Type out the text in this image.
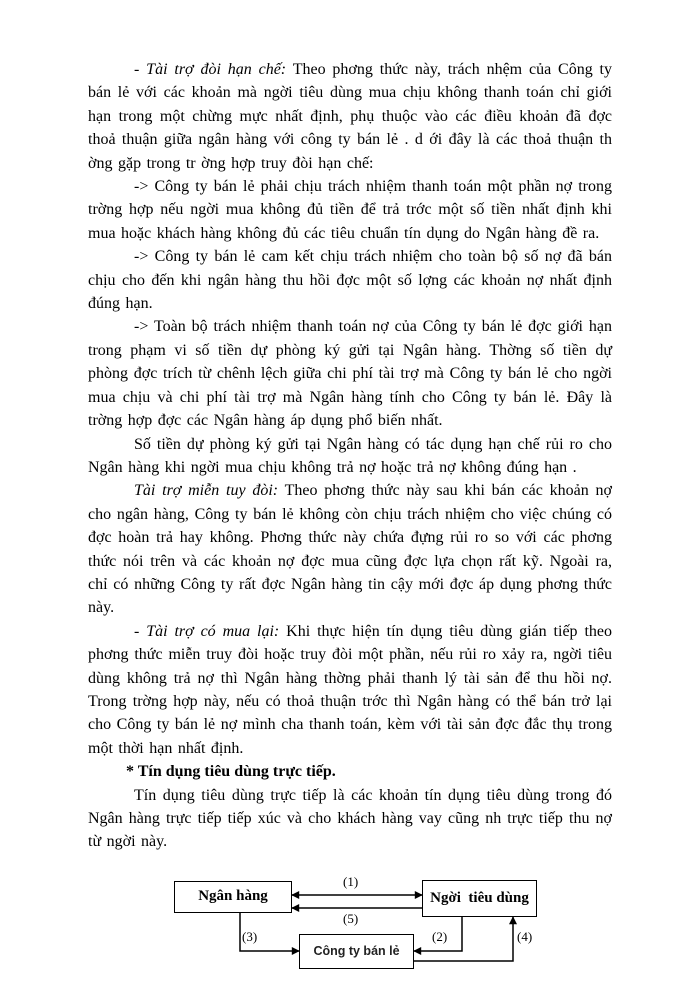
- Tài trợ đòi hạn chế: Theo phơng thức này, trách nhệm của Công ty bán lẻ với các khoản mà ngời tiêu dùng mua chịu không thanh toán chỉ giới hạn trong một chừng mực nhất định, phụ thuộc vào các điều khoản đã đợc thoả thuận giữa ngân hàng với công ty bán lẻ . d ới đây là các thoả thuận th ờng gặp trong tr ờng hợp truy đòi hạn chế:

-> Công ty bán lẻ phải chịu trách nhiệm thanh toán một phần nợ trong trờng hợp nếu ngời mua không đủ tiền để trả trớc một số tiền nhất định khi mua hoặc khách hàng không đủ các tiêu chuẩn tín dụng do Ngân hàng đề ra.

-> Công ty bán lẻ cam kết chịu trách nhiệm cho toàn bộ số nợ đã bán chịu cho đến khi ngân hàng thu hồi đợc một số lợng các khoản nợ nhất định đúng hạn.

-> Toàn bộ trách nhiệm thanh toán nợ của Công ty bán lẻ đợc giới hạn trong phạm vi số tiền dự phòng ký gửi tại Ngân hàng. Thờng số tiền dự phòng đợc trích từ chênh lệch giữa chi phí tài trợ mà Công ty bán lẻ cho ngời mua chịu và chi phí tài trợ mà Ngân hàng tính cho Công ty bán lẻ. Đây là trờng hợp đợc các Ngân hàng áp dụng phổ biến nhất.

Số tiền dự phòng ký gửi tại Ngân hàng có tác dụng hạn chế rủi ro cho Ngân hàng khi ngời mua chịu không trả nợ hoặc trả nợ không đúng hạn .

Tài trợ miễn tuy đòi: Theo phơng thức này sau khi bán các khoản nợ cho ngân hàng, Công ty bán lẻ không còn chịu trách nhiệm cho việc chúng có đợc hoàn trả hay không. Phơng thức này chứa đựng rủi ro so với các phơng thức nói trên và các khoản nợ đợc mua cũng đợc lựa chọn rất kỹ. Ngoài ra, chỉ có những Công ty rất đợc Ngân hàng tin cậy mới đợc áp dụng phơng thức này.

- Tài trợ có mua lại: Khi thực hiện tín dụng tiêu dùng gián tiếp theo phơng thức miễn truy đòi hoặc truy đòi một phần, nếu rủi ro xảy ra, ngời tiêu dùng không trả nợ thì Ngân hàng thờng phải thanh lý tài sản để thu hồi nợ. Trong trờng hợp này, nếu có thoả thuận trớc thì Ngân hàng có thể bán trở lại cho Công ty bán lẻ nợ mình cha thanh toán, kèm với tài sản đợc đắc thụ trong một thời hạn nhất định.

* Tín dụng tiêu dùng trực tiếp.

Tín dụng tiêu dùng trực tiếp là các khoản tín dụng tiêu dùng trong đó Ngân hàng trực tiếp tiếp xúc và cho khách hàng vay cũng nh trực tiếp thu nợ từ ngời này.

Ngân hàng	Ngời  tiêu dùng
Công ty bán lẻ
(1)
(2)
(3)	(4)
(5)
